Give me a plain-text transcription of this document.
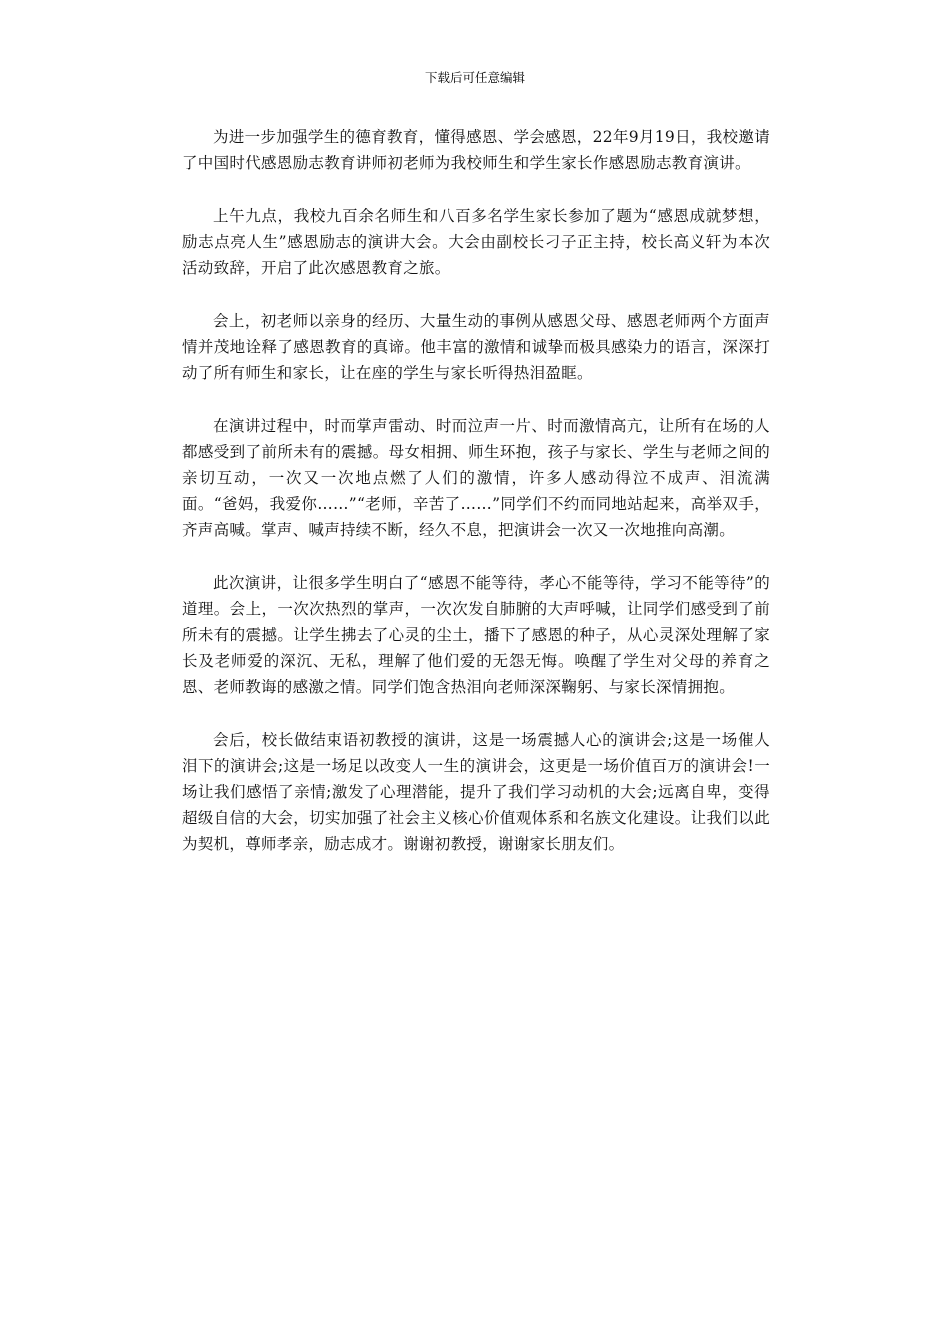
下载后可任意编辑

为进一步加强学生的德育教育，懂得感恩、学会感恩，22年9月19日，我校邀请了中国时代感恩励志教育讲师初老师为我校师生和学生家长作感恩励志教育演讲。

上午九点，我校九百余名师生和八百多名学生家长参加了题为“感恩成就梦想，励志点亮人生”感恩励志的演讲大会。大会由副校长刁子正主持，校长高义轩为本次活动致辞，开启了此次感恩教育之旅。

会上，初老师以亲身的经历、大量生动的事例从感恩父母、感恩老师两个方面声情并茂地诠释了感恩教育的真谛。他丰富的激情和诚挚而极具感染力的语言，深深打动了所有师生和家长，让在座的学生与家长听得热泪盈眶。

在演讲过程中，时而掌声雷动、时而泣声一片、时而激情高亢，让所有在场的人都感受到了前所未有的震撼。母女相拥、师生环抱，孩子与家长、学生与老师之间的亲切互动，一次又一次地点燃了人们的激情，许多人感动得泣不成声、泪流满面。“爸妈，我爱你……”“老师，辛苦了……”同学们不约而同地站起来，高举双手，齐声高喊。掌声、喊声持续不断，经久不息，把演讲会一次又一次地推向高潮。

此次演讲，让很多学生明白了“感恩不能等待，孝心不能等待，学习不能等待”的道理。会上，一次次热烈的掌声，一次次发自肺腑的大声呼喊，让同学们感受到了前所未有的震撼。让学生拂去了心灵的尘土，播下了感恩的种子，从心灵深处理解了家长及老师爱的深沉、无私，理解了他们爱的无怨无悔。唤醒了学生对父母的养育之恩、老师教诲的感激之情。同学们饱含热泪向老师深深鞠躬、与家长深情拥抱。

会后，校长做结束语初教授的演讲，这是一场震撼人心的演讲会;这是一场催人泪下的演讲会;这是一场足以改变人一生的演讲会，这更是一场价值百万的演讲会!一场让我们感悟了亲情;激发了心理潜能，提升了我们学习动机的大会;远离自卑，变得超级自信的大会，切实加强了社会主义核心价值观体系和名族文化建设。让我们以此为契机，尊师孝亲，励志成才。谢谢初教授，谢谢家长朋友们。
